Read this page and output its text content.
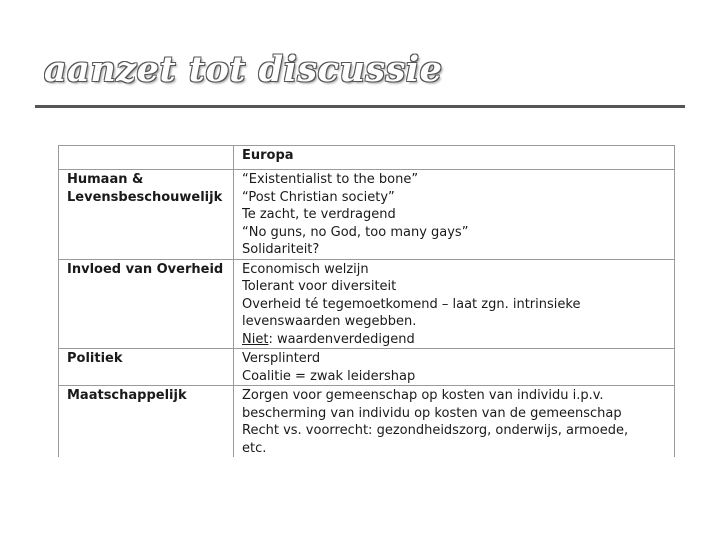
aanzet tot discussie
	Europa

Humaan &
Levensbeschouwelijk	“Existentialist to the bone”
“Post Christian society”
Te zacht, te verdragend
“No guns, no God, too many gays”
Solidariteit?

Invloed van Overheid	Economisch welzijn
Tolerant voor diversiteit
Overheid té tegemoetkomend – laat zgn. intrinsieke
levenswaarden wegebben.
Niet: waardenverdedigend

Politiek	Versplinterd
Coalitie = zwak leidershap

Maatschappelijk	Zorgen voor gemeenschap op kosten van individu i.p.v.
bescherming van individu op kosten van de gemeenschap
Recht vs. voorrecht: gezondheidszorg, onderwijs, armoede,
etc.
